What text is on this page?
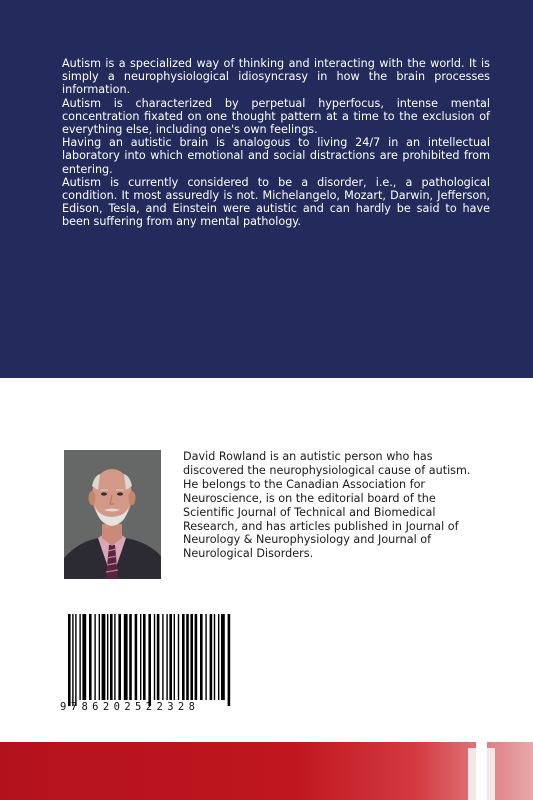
Autism is a specialized way of thinking and interacting with the world. It is simply a neurophysiological idiosyncrasy in how the brain processes information.

Autism is characterized by perpetual hyperfocus, intense mental concentration fixated on one thought pattern at a time to the exclusion of everything else, including one's own feelings.

Having an autistic brain is analogous to living 24/7 in an intellectual laboratory into which emotional and social distractions are prohibited from entering.

Autism is currently considered to be a disorder, i.e., a pathological condition. It most assuredly is not. Michelangelo, Mozart, Darwin, Jefferson, Edison, Tesla, and Einstein were autistic and can hardly be said to have been suffering from any mental pathology.

David Rowland is an autistic person who has discovered the neurophysiological cause of autism. He belongs to the Canadian Association for Neuroscience, is on the editorial board of the Scientific Journal of Technical and Biomedical Research, and has articles published in Journal of Neurology & Neurophysiology and Journal of Neurological Disorders.
9786202522328
